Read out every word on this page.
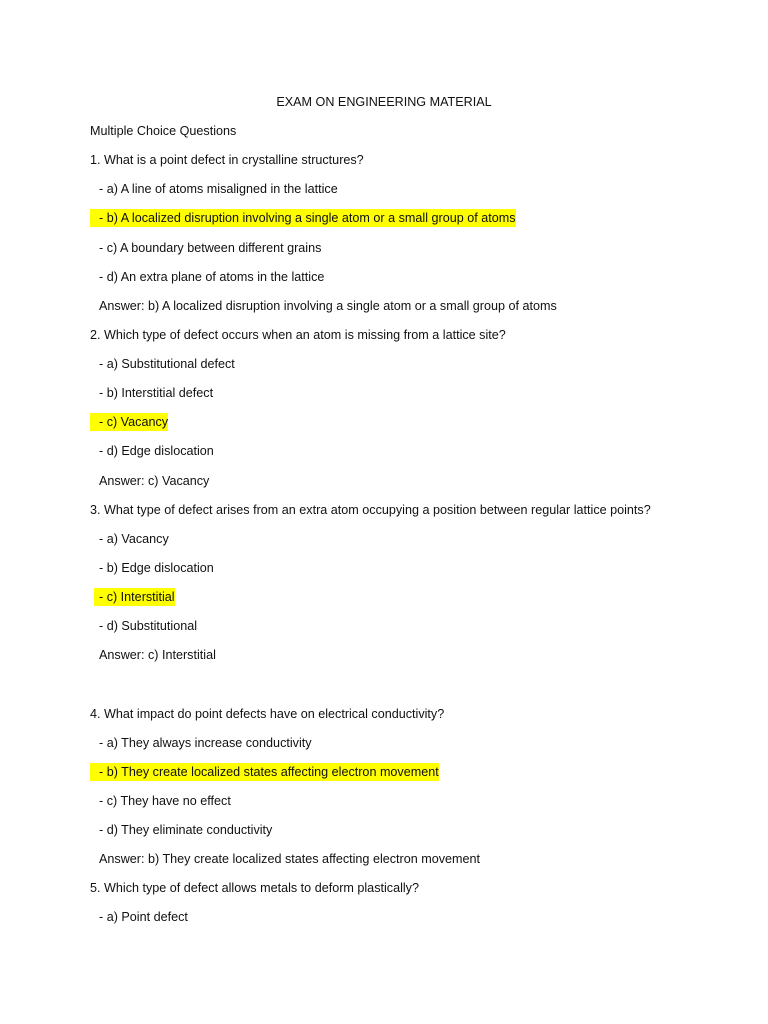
EXAM ON ENGINEERING MATERIAL
Multiple Choice Questions
1. What is a point defect in crystalline structures?
- a) A line of atoms misaligned in the lattice
- b) A localized disruption involving a single atom or a small group of atoms
- c) A boundary between different grains
- d) An extra plane of atoms in the lattice
Answer: b) A localized disruption involving a single atom or a small group of atoms
2. Which type of defect occurs when an atom is missing from a lattice site?
- a) Substitutional defect
- b) Interstitial defect
- c) Vacancy
- d) Edge dislocation
Answer: c) Vacancy
3. What type of defect arises from an extra atom occupying a position between regular lattice points?
- a) Vacancy
- b) Edge dislocation
- c) Interstitial
- d) Substitutional
Answer: c) Interstitial
4. What impact do point defects have on electrical conductivity?
- a) They always increase conductivity
- b) They create localized states affecting electron movement
- c) They have no effect
- d) They eliminate conductivity
Answer: b) They create localized states affecting electron movement
5. Which type of defect allows metals to deform plastically?
- a) Point defect
